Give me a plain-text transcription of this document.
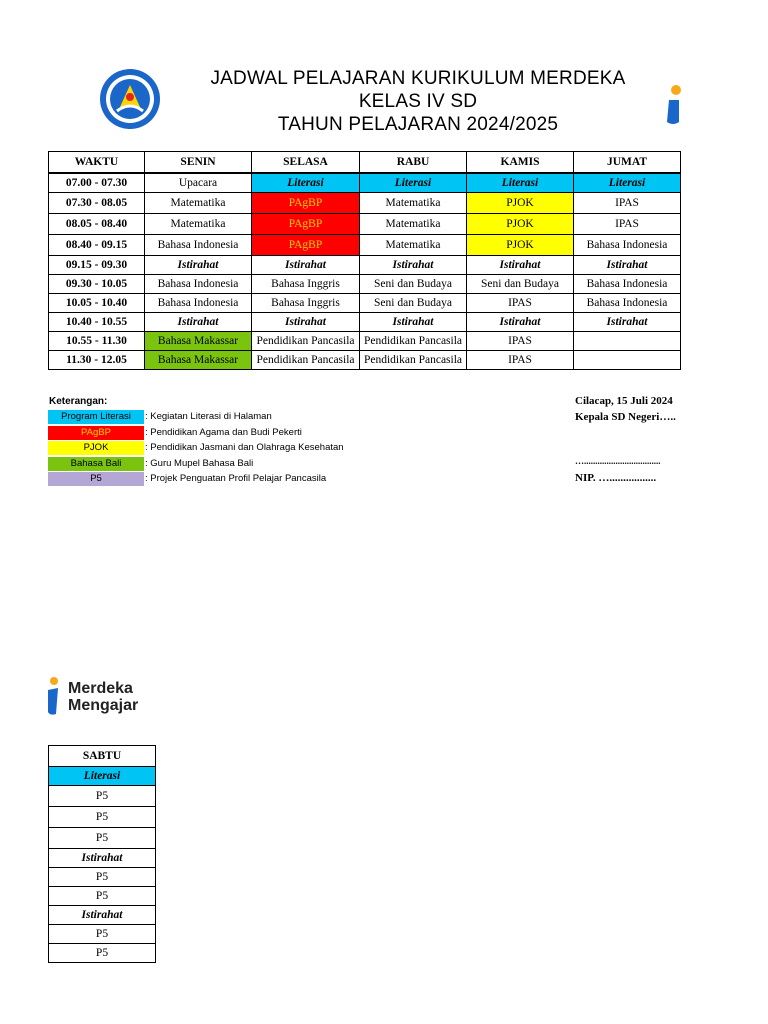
JADWAL PELAJARAN KURIKULUM MERDEKA
KELAS IV SD
TAHUN PELAJARAN 2024/2025
WAKTU	SENIN	SELASA	RABU	KAMIS	JUMAT
07.00 - 07.30	Upacara	Literasi	Literasi	Literasi	Literasi
07.30 - 08.05	Matematika	PAgBP	Matematika	PJOK	IPAS
08.05 - 08.40	Matematika	PAgBP	Matematika	PJOK	IPAS
08.40 - 09.15	Bahasa Indonesia	PAgBP	Matematika	PJOK	Bahasa Indonesia
09.15 - 09.30	Istirahat	Istirahat	Istirahat	Istirahat	Istirahat
09.30 - 10.05	Bahasa Indonesia	Bahasa Inggris	Seni dan Budaya	Seni dan Budaya	Bahasa Indonesia
10.05 - 10.40	Bahasa Indonesia	Bahasa Inggris	Seni dan Budaya	IPAS	Bahasa Indonesia
10.40 - 10.55	Istirahat	Istirahat	Istirahat	Istirahat	Istirahat
10.55 - 11.30	Bahasa Makassar	Pendidikan Pancasila	Pendidikan Pancasila	IPAS	
11.30 - 12.05	Bahasa Makassar	Pendidikan Pancasila	Pendidikan Pancasila	IPAS	
Keterangan:
Program Literasi	: Kegiatan Literasi di Halaman
PAgBP	: Pendidikan Agama dan Budi Pekerti
PJOK	: Pendidikan Jasmani dan Olahraga Kesehatan
Bahasa Bali	: Guru Mupel Bahasa Bali
P5	: Projek Penguatan Profil Pelajar Pancasila
Cilacap, 15 Juli 2024
Kepala SD Negeri…..
…..................................
NIP. ….................
Merdeka
Mengajar
SABTU
Literasi
P5
P5
P5
Istirahat
P5
P5
Istirahat
P5
P5
